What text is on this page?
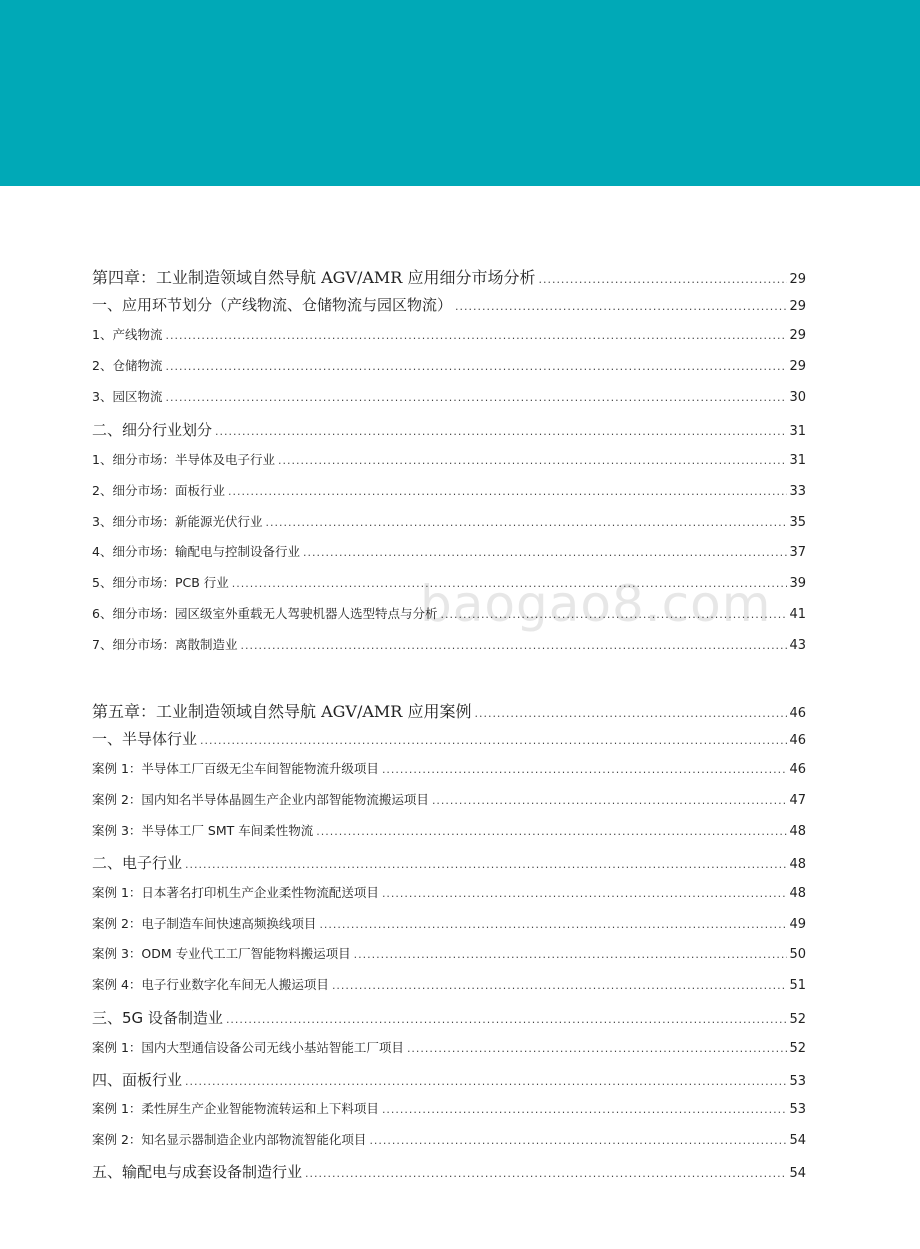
baogao8.com
第四章：工业制造领域自然导航 AGV/AMR 应用细分市场分析 .....	29
一、应用环节划分（产线物流、仓储物流与园区物流） .....	29
1、产线物流 .....	29
2、仓储物流 .....	29
3、园区物流 .....	30
二、细分行业划分 .....	31
1、细分市场：半导体及电子行业 .....	31
2、细分市场：面板行业 .....	33
3、细分市场：新能源光伏行业 .....	35
4、细分市场：输配电与控制设备行业 .....	37
5、细分市场：PCB 行业 .....	39
6、细分市场：园区级室外重载无人驾驶机器人选型特点与分析 .....	41
7、细分市场：离散制造业 .....	43
第五章：工业制造领域自然导航 AGV/AMR 应用案例 .....	46
一、半导体行业 .....	46
案例 1：半导体工厂百级无尘车间智能物流升级项目 .....	46
案例 2：国内知名半导体晶圆生产企业内部智能物流搬运项目 .....	47
案例 3：半导体工厂 SMT 车间柔性物流 .....	48
二、电子行业 .....	48
案例 1：日本著名打印机生产企业柔性物流配送项目 .....	48
案例 2：电子制造车间快速高频换线项目 .....	49
案例 3：ODM 专业代工工厂智能物料搬运项目 .....	50
案例 4：电子行业数字化车间无人搬运项目 .....	51
三、5G 设备制造业 .....	52
案例 1：国内大型通信设备公司无线小基站智能工厂项目 .....	52
四、面板行业 .....	53
案例 1：柔性屏生产企业智能物流转运和上下料项目 .....	53
案例 2：知名显示器制造企业内部物流智能化项目 .....	54
五、输配电与成套设备制造行业 .....	54
